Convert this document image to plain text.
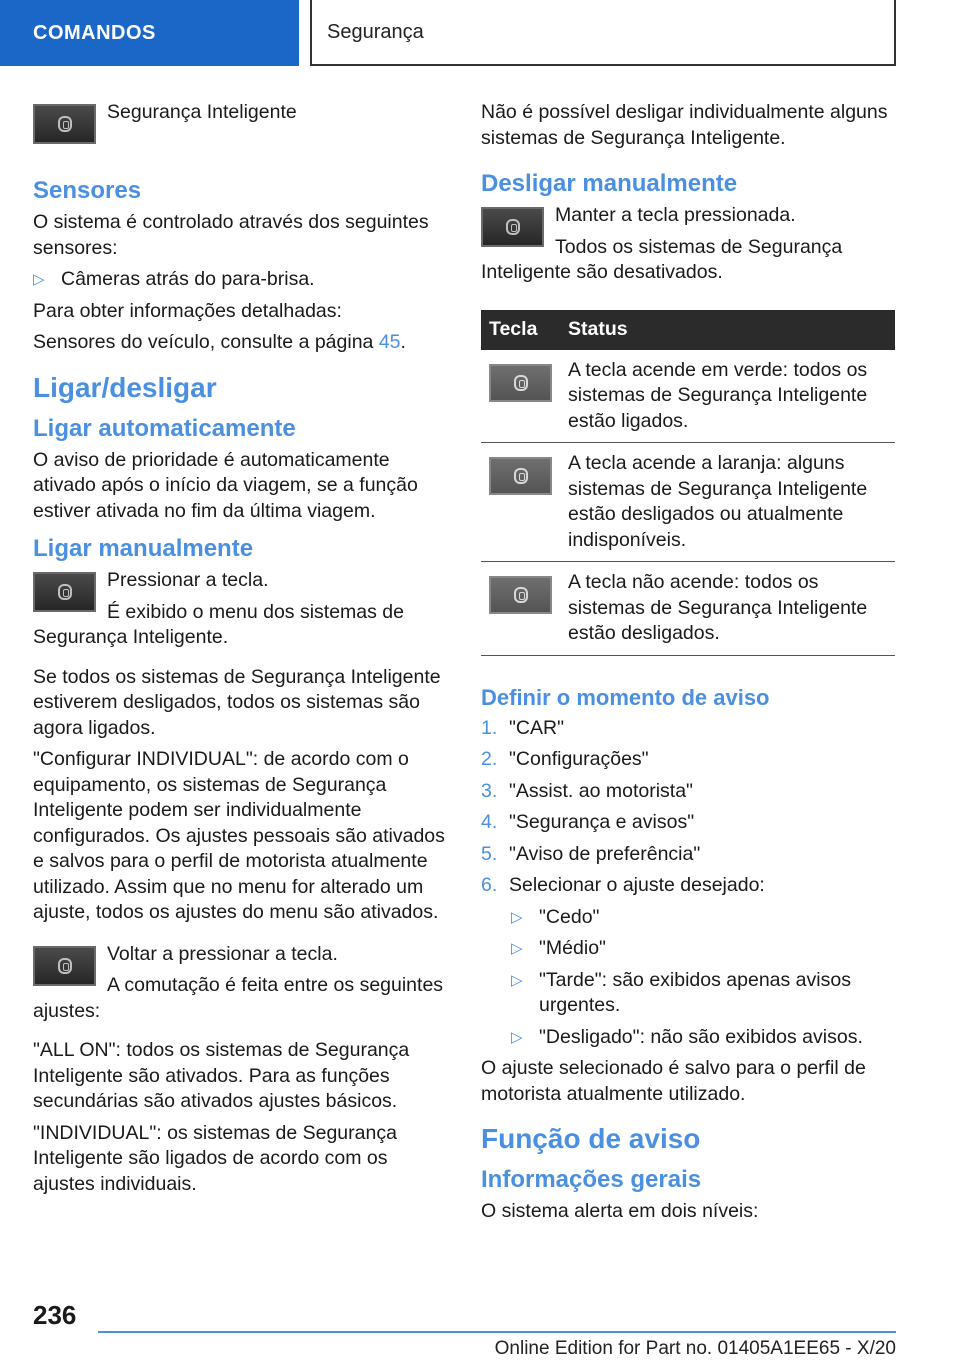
COMANDOS	Segurança

Segurança Inteligente

Sensores

O sistema é controlado através dos seguintes sensores:

▷ Câmeras atrás do para-brisa.

Para obter informações detalhadas:

Sensores do veículo, consulte a página 45.

Ligar/desligar
Ligar automaticamente

O aviso de prioridade é automaticamente ativado após o início da viagem, se a função estiver ativada no fim da última viagem.

Ligar manualmente

Pressionar a tecla.

É exibido o menu dos sistemas de Segurança Inteligente.

Se todos os sistemas de Segurança Inteligente estiverem desligados, todos os sistemas são agora ligados.

"Configurar INDIVIDUAL": de acordo com o equipamento, os sistemas de Segurança Inteligente podem ser individualmente configurados. Os ajustes pessoais são ativados e salvos para o perfil de motorista atualmente utilizado. Assim que no menu for alterado um ajuste, todos os ajustes do menu são ativados.

Voltar a pressionar a tecla.

A comutação é feita entre os seguintes ajustes:

"ALL ON": todos os sistemas de Segurança Inteligente são ativados. Para as funções secundárias são ativados ajustes básicos.

"INDIVIDUAL": os sistemas de Segurança Inteligente são ligados de acordo com os ajustes individuais.

Não é possível desligar individualmente alguns sistemas de Segurança Inteligente.

Desligar manualmente

Manter a tecla pressionada.

Todos os sistemas de Segurança Inteligente são desativados.

Tecla	Status

	A tecla acende em verde: todos os sistemas de Segurança Inteligente estão ligados.

	A tecla acende a laranja: alguns sistemas de Segurança Inteligente estão desligados ou atualmente indisponíveis.

	A tecla não acende: todos os sistemas de Segurança Inteligente estão desligados.
Definir o momento de aviso
1. "CAR"
2. "Configurações"
3. "Assist. ao motorista"
4. "Segurança e avisos"
5. "Aviso de preferência"
6. Selecionar o ajuste desejado:
▷ "Cedo"
▷ "Médio"
▷ "Tarde": são exibidos apenas avisos urgentes.
▷ "Desligado": não são exibidos avisos.

O ajuste selecionado é salvo para o perfil de motorista atualmente utilizado.

Função de aviso
Informações gerais

O sistema alerta em dois níveis:

236
Online Edition for Part no. 01405A1EE65 - X/20
